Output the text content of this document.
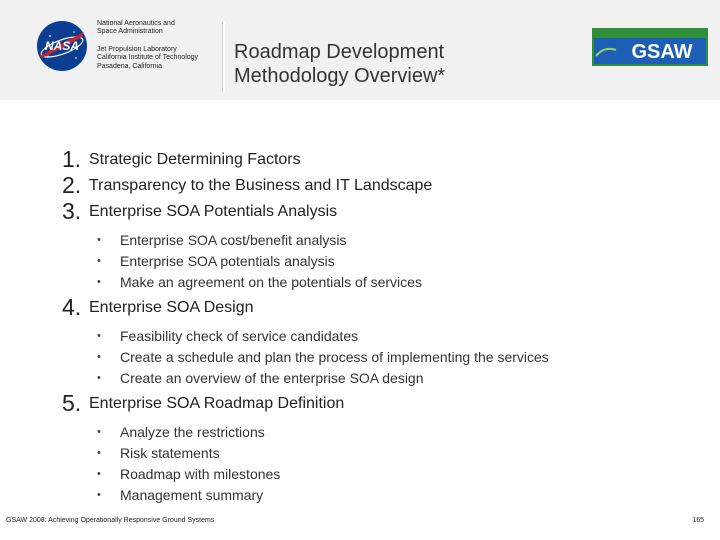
NASA
National Aeronautics and
Space Administration
Jet Propulsion Laboratory
California Institute of Technology
Pasadena, California
Roadmap Development
Methodology Overview*
GSAW
1. Strategic Determining Factors
2. Transparency to the Business and IT Landscape
3. Enterprise SOA Potentials Analysis
• Enterprise SOA cost/benefit analysis
• Enterprise SOA potentials analysis
• Make an agreement on the potentials of services
4. Enterprise SOA Design
• Feasibility check of service candidates
• Create a schedule and plan the process of implementing the services
• Create an overview of the enterprise SOA design
5. Enterprise SOA Roadmap Definition
• Analyze the restrictions
• Risk statements
• Roadmap with milestones
• Management summary
GSAW 2008: Achieving Operationally Responsive Ground Systems	165
